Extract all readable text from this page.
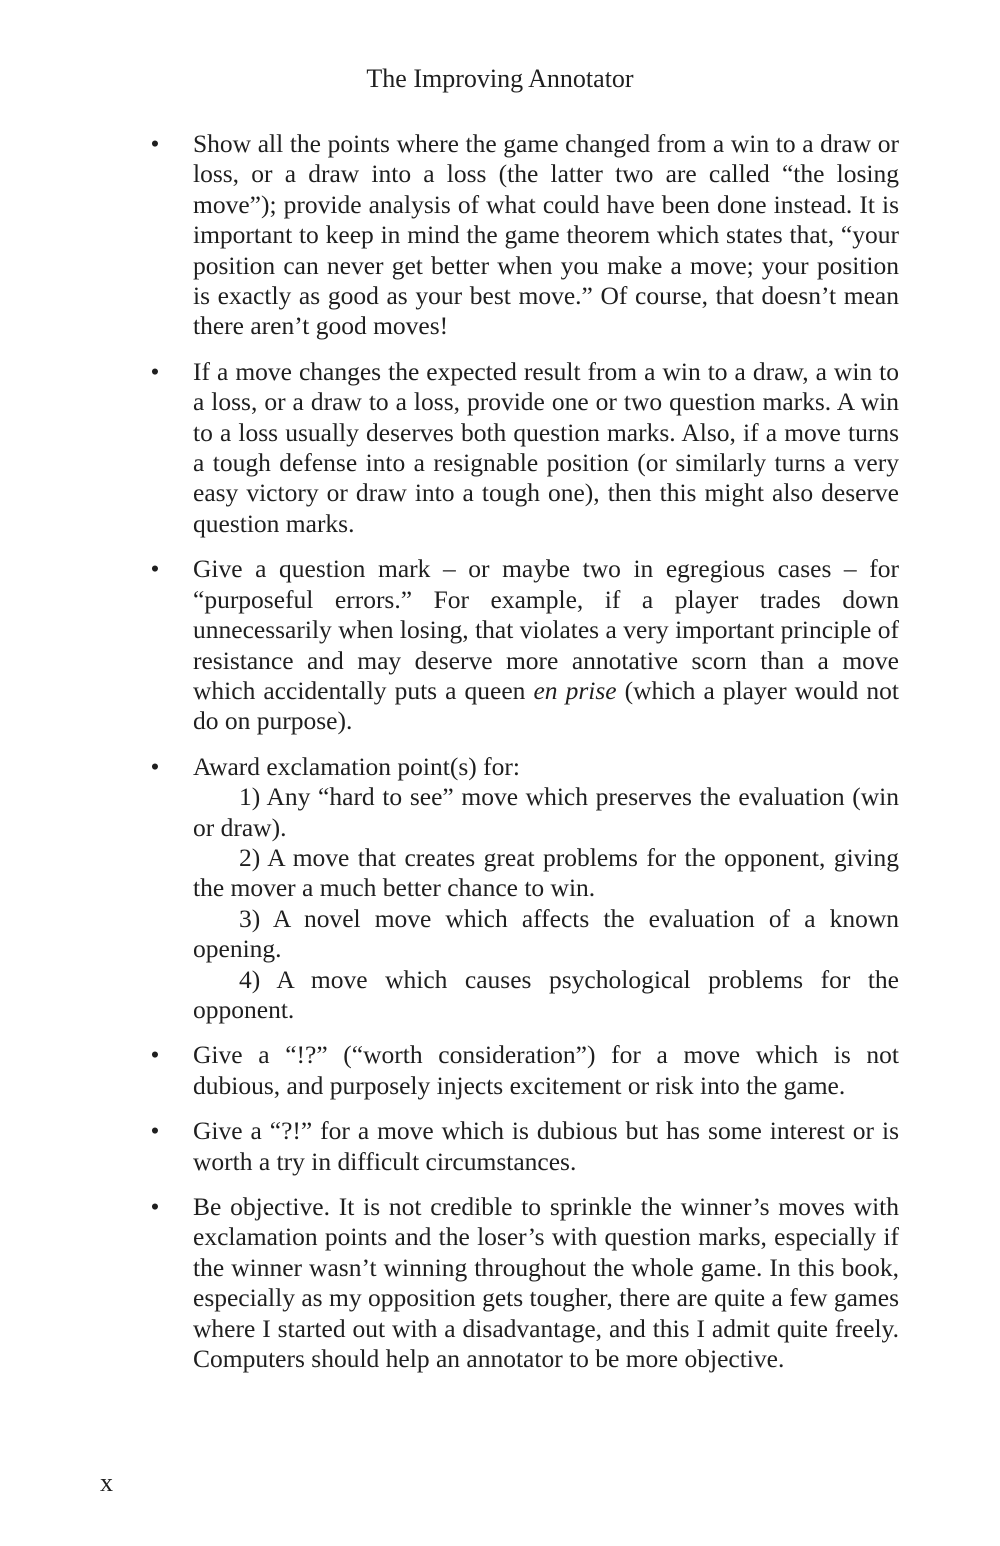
The Improving Annotator
• Show all the points where the game changed from a win to a draw or loss, or a draw into a loss (the latter two are called “the losing move”); provide analysis of what could have been done instead. It is important to keep in mind the game theorem which states that, “your position can never get better when you make a move; your position is exactly as good as your best move.” Of course, that doesn’t mean there aren’t good moves!

• If a move changes the expected result from a win to a draw, a win to a loss, or a draw to a loss, provide one or two question marks. A win to a loss usually deserves both question marks. Also, if a move turns a tough defense into a resignable position (or similarly turns a very easy victory or draw into a tough one), then this might also deserve question marks.

• Give a question mark – or maybe two in egregious cases – for “purposeful errors.” For example, if a player trades down unnecessarily when losing, that violates a very important principle of resistance and may deserve more annotative scorn than a move which accidentally puts a queen en prise (which a player would not do on purpose).

• Award exclamation point(s) for:

1) Any “hard to see” move which preserves the evaluation (win or draw).

2) A move that creates great problems for the opponent, giving the mover a much better chance to win.

3) A novel move which affects the evaluation of a known opening.

4) A move which causes psychological problems for the opponent.

• Give a “!?” (“worth consideration”) for a move which is not dubious, and purposely injects excitement or risk into the game.

• Give a “?!” for a move which is dubious but has some interest or is worth a try in difficult circumstances.

• Be objective. It is not credible to sprinkle the winner’s moves with exclamation points and the loser’s with question marks, especially if the winner wasn’t winning throughout the whole game. In this book, especially as my opposition gets tougher, there are quite a few games where I started out with a disadvantage, and this I admit quite freely. Computers should help an annotator to be more objective.

x
